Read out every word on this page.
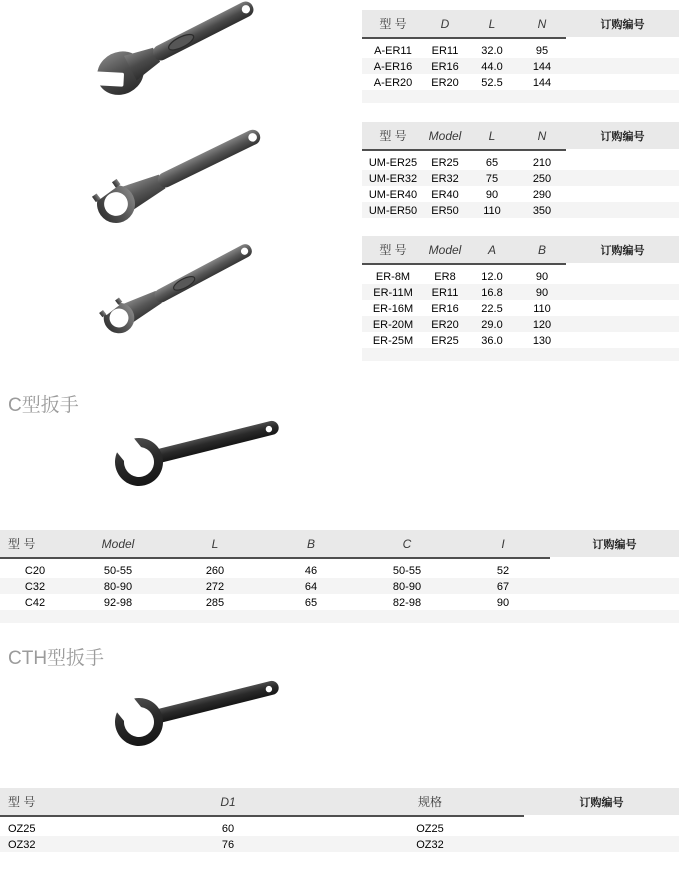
C型扳手
型 号	Model	L	B	C	I	订购编号
C20	50-55	260	46	50-55	52	
C32	80-90	272	64	80-90	67	
C42	92-98	285	65	82-98	90	

CTH型扳手
型 号	D1	规格	订购编号
OZ25	60	OZ25	
OZ32	76	OZ32	
型 号	D	L	N	订购编号
A-ER11	ER11	32.0	95	
A-ER16	ER16	44.0	144	
A-ER20	ER20	52.5	144	

型 号	Model	L	N	订购编号
UM-ER25	ER25	65	210	
UM-ER32	ER32	75	250	
UM-ER40	ER40	90	290	
UM-ER50	ER50	110	350	
型 号	Model	A	B	订购编号
ER-8M	ER8	12.0	90	
ER-11M	ER11	16.8	90	
ER-16M	ER16	22.5	110	
ER-20M	ER20	29.0	120	
ER-25M	ER25	36.0	130	
